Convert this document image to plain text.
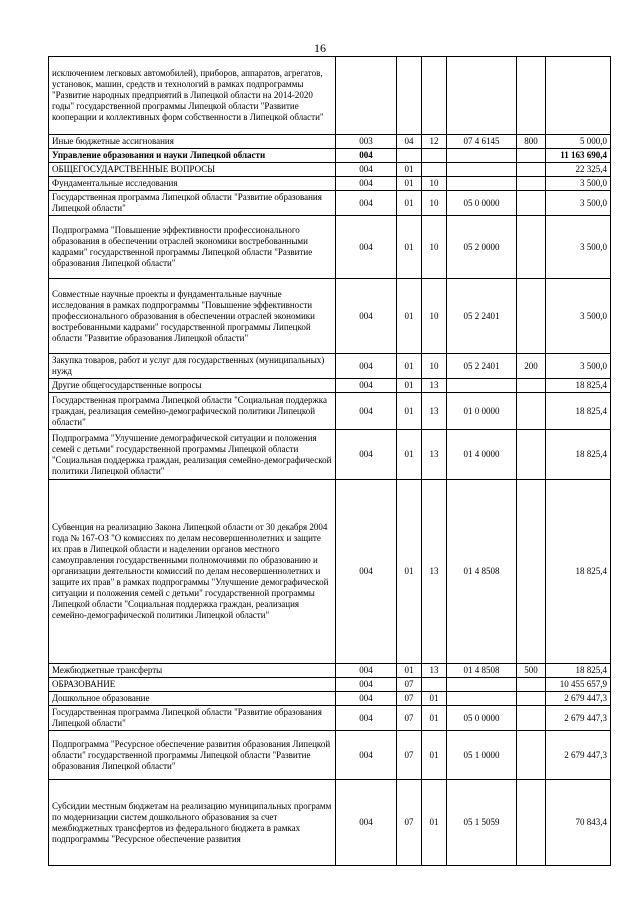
16
исключением легковых автомобилей), приборов, аппаратов, агрегатов, установок, машин, средств и технологий в рамках подпрограммы "Развитие народных предприятий в Липецкой области на 2014-2020 годы" государственной программы Липецкой области "Развитие кооперации и коллективных форм собственности в Липецкой области"						
Иные бюджетные ассигнования	003	04	12	07 4 6145	800	5 000,0
Управление образования и науки Липецкой области	004					11 163 690,4
ОБЩЕГОСУДАРСТВЕННЫЕ ВОПРОСЫ	004	01				22 325,4
Фундаментальные исследования	004	01	10			3 500,0
Государственная программа Липецкой области "Развитие образования Липецкой области"	004	01	10	05 0 0000		3 500,0
Подпрограмма "Повышение эффективности профессионального образования в обеспечении отраслей экономики востребованными кадрами" государственной программы Липецкой области "Развитие образования Липецкой области"	004	01	10	05 2 0000		3 500,0
Совместные научные проекты и фундаментальные научные исследования в рамках подпрограммы "Повышение эффективности профессионального образования в обеспечении отраслей экономики востребованными кадрами" государственной программы Липецкой области "Развитие образования Липецкой области"	004	01	10	05 2 2401		3 500,0
Закупка товаров, работ и услуг для государственных (муниципальных) нужд	004	01	10	05 2 2401	200	3 500,0
Другие общегосударственные вопросы	004	01	13			18 825,4
Государственная программа Липецкой области "Социальная поддержка граждан, реализация семейно-демографической политики Липецкой области"	004	01	13	01 0 0000		18 825,4
Подпрограмма "Улучшение демографической ситуации и положения семей с детьми" государственной программы Липецкой области "Социальная поддержка граждан, реализация семейно-демографической политики Липецкой области"	004	01	13	01 4 0000		18 825,4
Субвенция на реализацию Закона Липецкой области от 30 декабря 2004 года № 167-ОЗ "О комиссиях по делам несовершеннолетних и защите их прав в Липецкой области и наделении органов местного самоуправления государственными полномочиями по образованию и организации деятельности комиссий по делам несовершеннолетних и защите их прав" в рамках подпрограммы "Улучшение демографической ситуации и положения семей с детьми" государственной программы Липецкой области "Социальная поддержка граждан, реализация семейно-демографической политики Липецкой области"	004	01	13	01 4 8508		18 825,4
Межбюджетные трансферты	004	01	13	01 4 8508	500	18 825,4
ОБРАЗОВАНИЕ	004	07				10 455 657,9
Дошкольное образование	004	07	01			2 679 447,3
Государственная программа Липецкой области "Развитие образования Липецкой области"	004	07	01	05 0 0000		2 679 447,3
Подпрограмма "Ресурсное обеспечение развития образования Липецкой области" государственной программы Липецкой области "Развитие образования Липецкой области"	004	07	01	05 1 0000		2 679 447,3
Субсидии местным бюджетам на реализацию муниципальных программ по модернизации систем дошкольного образования за счет межбюджетных трансфертов из федерального бюджета в рамках подпрограммы "Ресурсное обеспечение развития	004	07	01	05 1 5059		70 843,4
